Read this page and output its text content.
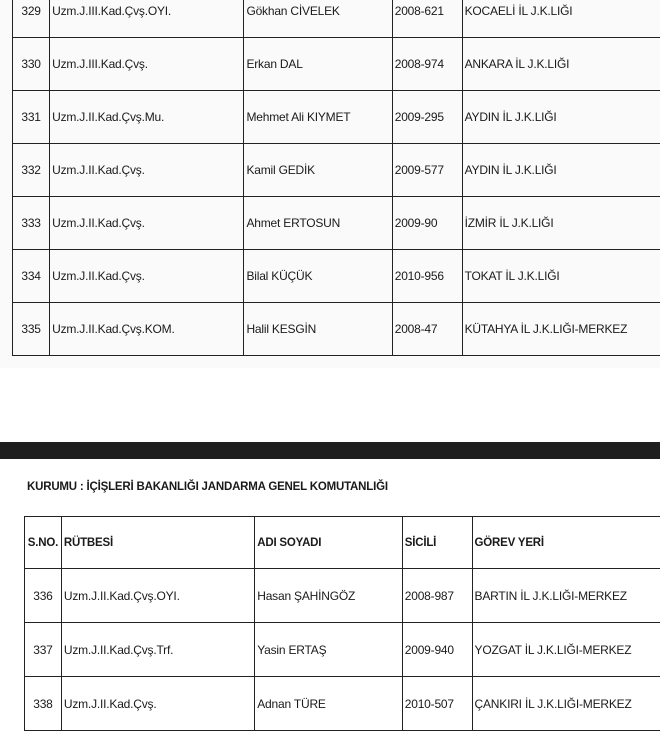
329	Uzm.J.III.Kad.Çvş.OYI.	Gökhan CİVELEK	2008-621	KOCAELİ İL J.K.LIĞI
330	Uzm.J.III.Kad.Çvş.	Erkan DAL	2008-974	ANKARA İL J.K.LIĞI
331	Uzm.J.II.Kad.Çvş.Mu.	Mehmet Ali KIYMET	2009-295	AYDIN İL J.K.LIĞI
332	Uzm.J.II.Kad.Çvş.	Kamil GEDİK	2009-577	AYDIN İL J.K.LIĞI
333	Uzm.J.II.Kad.Çvş.	Ahmet ERTOSUN	2009-90	İZMİR İL J.K.LIĞI
334	Uzm.J.II.Kad.Çvş.	Bilal KÜÇÜK	2010-956	TOKAT İL J.K.LIĞI
335	Uzm.J.II.Kad.Çvş.KOM.	Halil KESGİN	2008-47	KÜTAHYA İL J.K.LIĞI-MERKEZ
KURUMU : İÇİŞLERİ BAKANLIĞI JANDARMA GENEL KOMUTANLIĞI
S.NO.	RÜTBESİ	ADI SOYADI	SİCİLİ	GÖREV YERİ
336	Uzm.J.II.Kad.Çvş.OYI.	Hasan ŞAHİNGÖZ	2008-987	BARTIN İL J.K.LIĞI-MERKEZ
337	Uzm.J.II.Kad.Çvş.Trf.	Yasin ERTAŞ	2009-940	YOZGAT İL J.K.LIĞI-MERKEZ
338	Uzm.J.II.Kad.Çvş.	Adnan TÜRE	2010-507	ÇANKIRI İL J.K.LIĞI-MERKEZ
